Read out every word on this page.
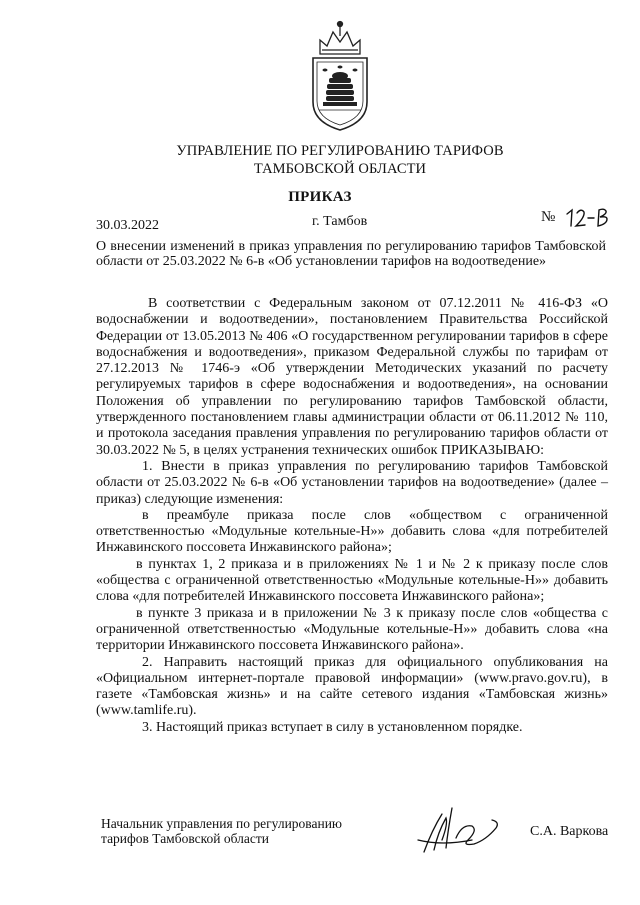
УПРАВЛЕНИЕ ПО РЕГУЛИРОВАНИЮ ТАРИФОВ
ТАМБОВСКОЙ ОБЛАСТИ
ПРИКАЗ
30.03.2022	г. Тамбов	№
О внесении изменений в приказ управления по регулированию тарифов Тамбовской области от 25.03.2022 № 6-в «Об установлении тарифов на водоотведение»

В соответствии с Федеральным законом от 07.12.2011 № 416-ФЗ «О водоснабжении и водоотведении», постановлением Правительства Российской Федерации от 13.05.2013 № 406 «О государственном регулировании тарифов в сфере водоснабжения и водоотведения», приказом Федеральной службы по тарифам от 27.12.2013 № 1746-э «Об утверждении Методических указаний по расчету регулируемых тарифов в сфере водоснабжения и водоотведения», на основании Положения об управлении по регулированию тарифов Тамбовской области, утвержденного постановлением главы администрации области от 06.11.2012 № 110, и протокола заседания правления управления по регулированию тарифов области от 30.03.2022 № 5, в целях устранения технических ошибок ПРИКАЗЫВАЮ:

1. Внести в приказ управления по регулированию тарифов Тамбовской области от 25.03.2022 № 6-в «Об установлении тарифов на водоотведение» (далее – приказ) следующие изменения:

в преамбуле приказа после слов «обществом с ограниченной ответственностью «Модульные котельные-Н»» добавить слова «для потребителей Инжавинского поссовета Инжавинского района»;

в пунктах 1, 2 приказа и в приложениях № 1 и № 2 к приказу после слов «общества с ограниченной ответственностью «Модульные котельные-Н»» добавить слова «для потребителей Инжавинского поссовета Инжавинского района»;

в пункте 3 приказа и в приложении № 3 к приказу после слов «общества с ограниченной ответственностью «Модульные котельные-Н»» добавить слова «на территории Инжавинского поссовета Инжавинского района».

2. Направить настоящий приказ для официального опубликования на «Официальном интернет-портале правовой информации» (www.pravo.gov.ru), в газете «Тамбовская жизнь» и на сайте сетевого издания «Тамбовская жизнь» (www.tamlife.ru).

3. Настоящий приказ вступает в силу в установленном порядке.

Начальник управления по регулированию
тарифов Тамбовской области	С.А. Варкова
